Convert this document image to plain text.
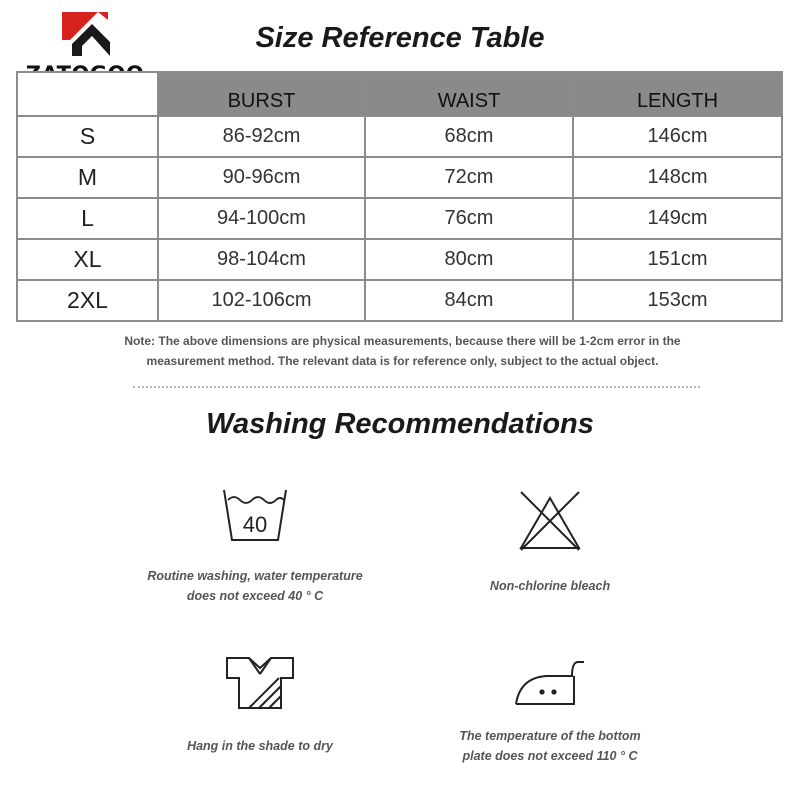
Size Reference Table
	BURST	WAIST	LENGTH
S	86-92cm	68cm	146cm
M	90-96cm	72cm	148cm
L	94-100cm	76cm	149cm
XL	98-104cm	80cm	151cm
2XL	102-106cm	84cm	153cm
Note: The above dimensions are physical measurements, because there will be 1-2cm error in the
measurement method. The relevant data is for reference only, subject to the actual object.
Washing Recommendations
40
Routine washing, water temperature
does not exceed 40 ° C
Non-chlorine bleach
Hang in the shade to dry
The temperature of the bottom
plate does not exceed 110 ° C
